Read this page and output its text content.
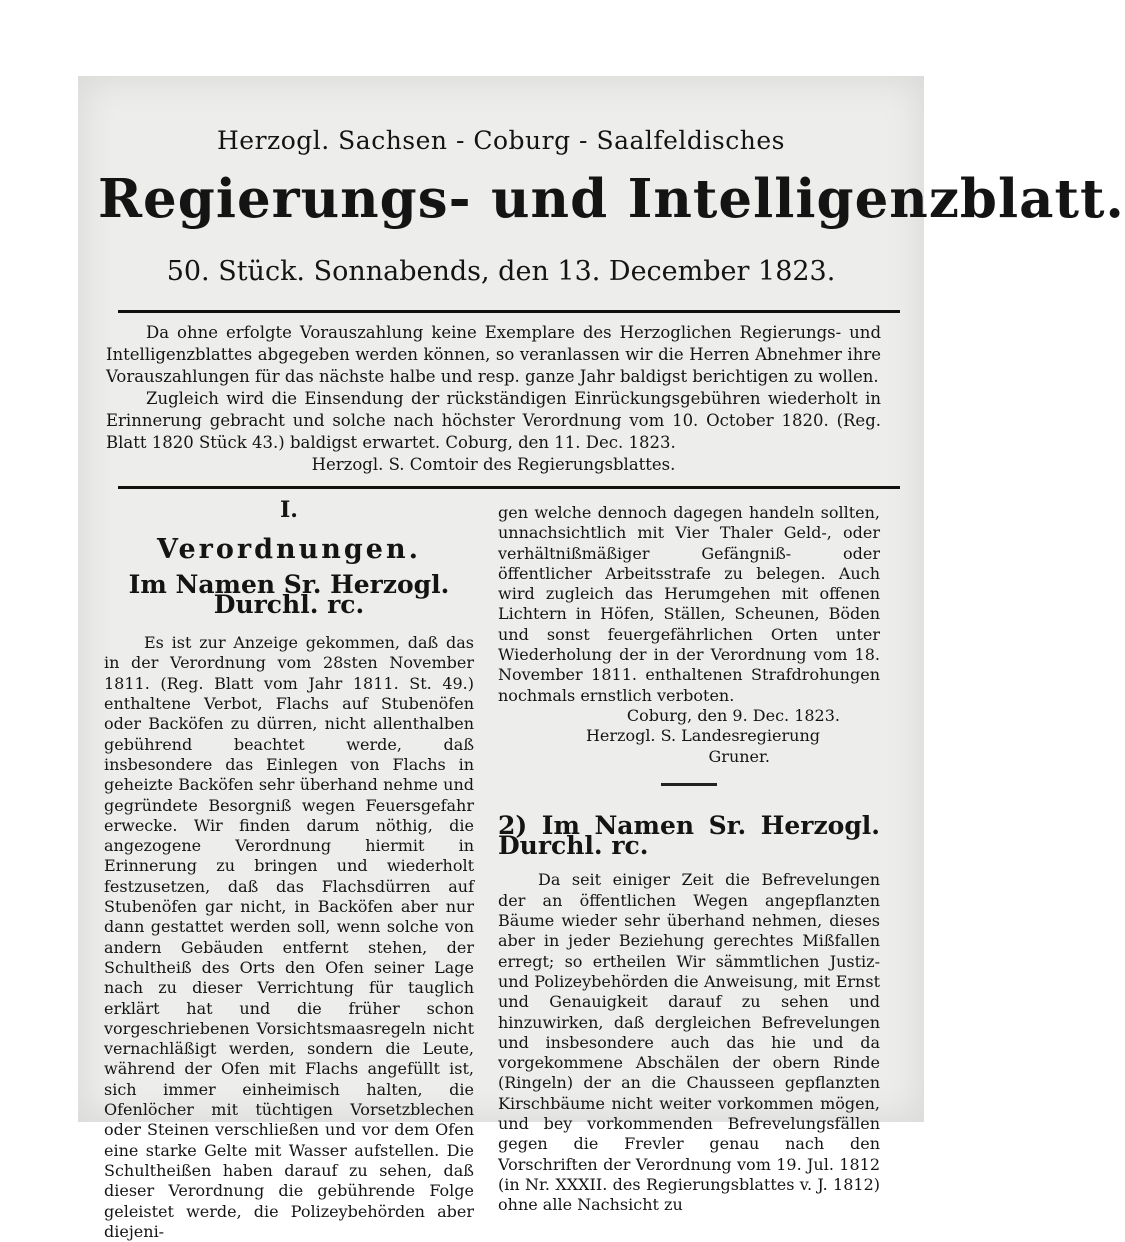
Herzogl. Sachsen - Coburg - Saalfeldisches
Regierungs- und Intelligenzblatt.
50. Stück. Sonnabends, den 13. December 1823.

Da ohne erfolgte Vorauszahlung keine Exemplare des Herzoglichen Regierungs- und Intelligenzblattes abgegeben werden können, so veranlassen wir die Herren Abnehmer ihre Vorauszahlungen für das nächste halbe und resp. ganze Jahr baldigst berichtigen zu wollen.

Zugleich wird die Einsendung der rückständigen Einrückungsgebühren wiederholt in Erinnerung gebracht und solche nach höchster Verordnung vom 10. October 1820. (Reg. Blatt 1820 Stück 43.) baldigst erwartet. Coburg, den 11. Dec. 1823.

Herzogl. S. Comtoir des Regierungsblattes.

I.
Verordnungen.
Im Namen Sr. Herzogl. Durchl. rc.

Es ist zur Anzeige gekommen, daß das in der Verordnung vom 28sten November 1811. (Reg. Blatt vom Jahr 1811. St. 49.) enthaltene Verbot, Flachs auf Stubenöfen oder Backöfen zu dürren, nicht allenthalben gebührend beachtet werde, daß insbesondere das Einlegen von Flachs in geheizte Backöfen sehr überhand nehme und gegründete Besorgniß wegen Feuersgefahr erwecke. Wir finden darum nöthig, die angezogene Verordnung hiermit in Erinnerung zu bringen und wiederholt festzusetzen, daß das Flachsdürren auf Stubenöfen gar nicht, in Backöfen aber nur dann gestattet werden soll, wenn solche von andern Gebäuden entfernt stehen, der Schultheiß des Orts den Ofen seiner Lage nach zu dieser Verrichtung für tauglich erklärt hat und die früher schon vorgeschriebenen Vorsichtsmaasregeln nicht vernachläßigt werden, sondern die Leute, während der Ofen mit Flachs angefüllt ist, sich immer einheimisch halten, die Ofenlöcher mit tüchtigen Vorsetzblechen oder Steinen verschließen und vor dem Ofen eine starke Gelte mit Wasser aufstellen. Die Schultheißen haben darauf zu sehen, daß dieser Verordnung die gebührende Folge geleistet werde, die Polizeybehörden aber diejeni-

gen welche dennoch dagegen handeln sollten, unnachsichtlich mit Vier Thaler Geld-, oder verhältnißmäßiger Gefängniß- oder öffentlicher Arbeitsstrafe zu belegen. Auch wird zugleich das Herumgehen mit offenen Lichtern in Höfen, Ställen, Scheunen, Böden und sonst feuergefährlichen Orten unter Wiederholung der in der Verordnung vom 18. November 1811. enthaltenen Strafdrohungen nochmals ernstlich verboten.

Coburg, den 9. Dec. 1823.

Herzogl. S. Landesregierung

Gruner.

2) Im Namen Sr. Herzogl. Durchl. rc.

Da seit einiger Zeit die Befrevelungen der an öffentlichen Wegen angepflanzten Bäume wieder sehr überhand nehmen, dieses aber in jeder Beziehung gerechtes Mißfallen erregt; so ertheilen Wir sämmtlichen Justiz- und Polizeybehörden die Anweisung, mit Ernst und Genauigkeit darauf zu sehen und hinzuwirken, daß dergleichen Befrevelungen und insbesondere auch das hie und da vorgekommene Abschälen der obern Rinde (Ringeln) der an die Chausseen gepflanzten Kirschbäume nicht weiter vorkommen mögen, und bey vorkommenden Befrevelungsfällen gegen die Frevler genau nach den Vorschriften der Verordnung vom 19. Jul. 1812 (in Nr. XXXII. des Regierungsblattes v. J. 1812) ohne alle Nachsicht zu
